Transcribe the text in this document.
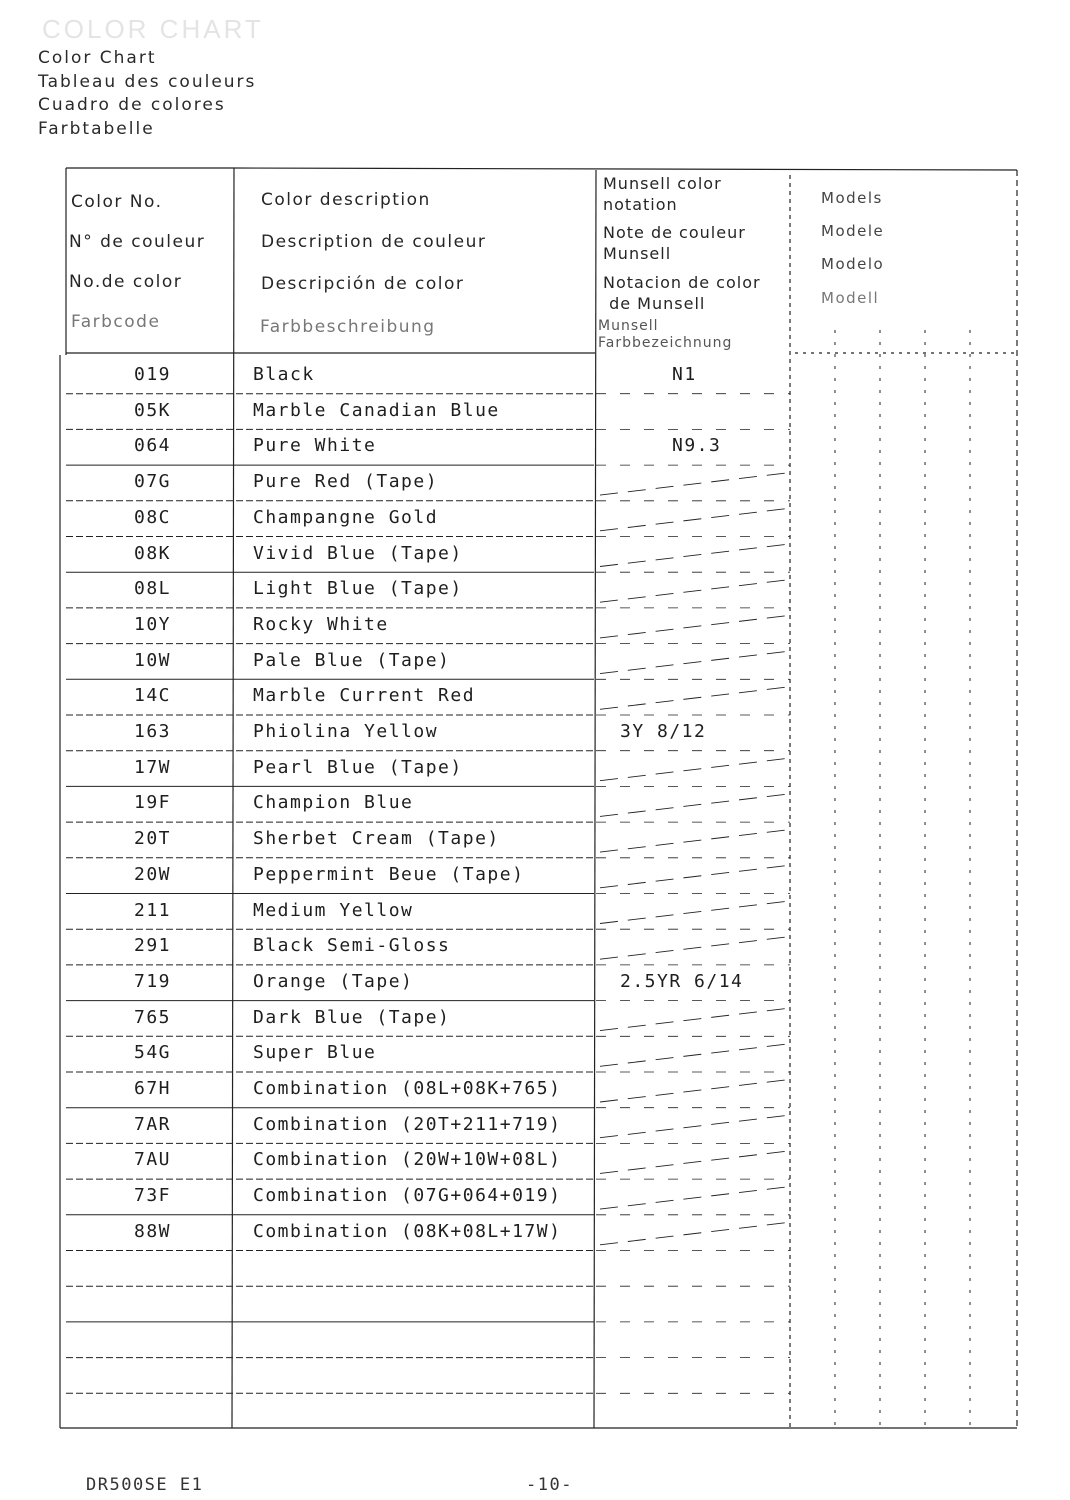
COLOR CHART
Color Chart
Tableau des couleurs
Cuadro de colores
Farbtabelle
Color No.
N° de couleur
No.de color
Farbcode
Color description
Description de couleur
Descripción de color
Farbbeschreibung
Munsell color
notation
Note de couleur
Munsell
Notacion de color
de Munsell
Munsell
Farbbezeichnung
Models
Modele
Modelo
Modell
019	Black	N1
05K	Marble Canadian Blue
064	Pure White	N9.3
07G	Pure Red (Tape)
08C	Champangne Gold
08K	Vivid Blue (Tape)
08L	Light Blue (Tape)
10Y	Rocky White
10W	Pale Blue (Tape)
14C	Marble Current Red
163	Phiolina Yellow	3Y 8/12
17W	Pearl Blue (Tape)
19F	Champion Blue
20T	Sherbet Cream (Tape)
20W	Peppermint Beue (Tape)
211	Medium Yellow
291	Black Semi-Gloss
719	Orange (Tape)	2.5YR 6/14
765	Dark Blue (Tape)
54G	Super Blue
67H	Combination (08L+08K+765)
7AR	Combination (20T+211+719)
7AU	Combination (20W+10W+08L)
73F	Combination (07G+064+019)
88W	Combination (08K+08L+17W)
DR500SE E1	-10-
